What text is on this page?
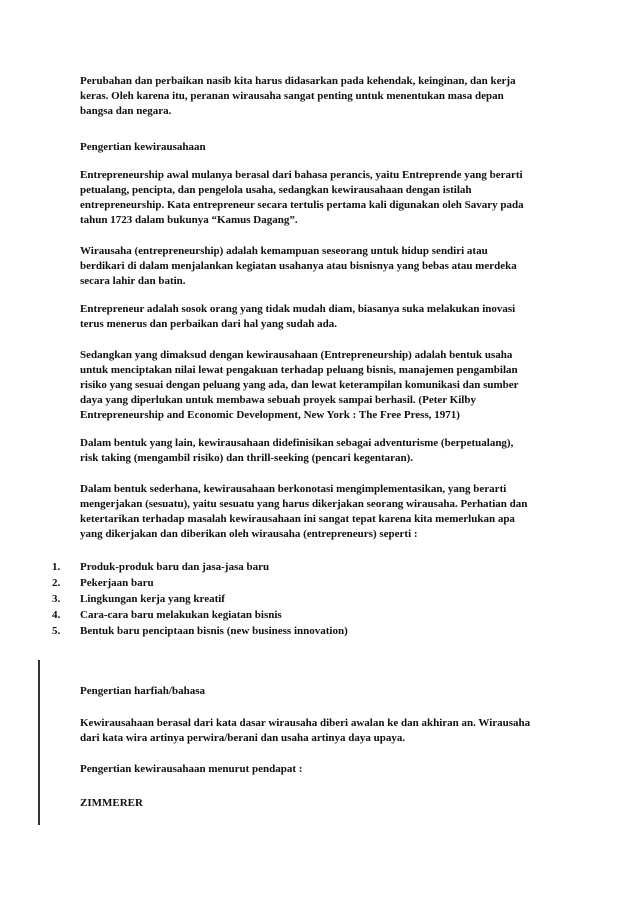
Perubahan dan perbaikan nasib kita harus didasarkan pada kehendak, keinginan, dan kerja
keras. Oleh karena itu, peranan wirausaha sangat penting untuk menentukan masa depan
bangsa dan negara.

Pengertian kewirausahaan

Entrepreneurship awal mulanya berasal dari bahasa perancis, yaitu Entreprende yang berarti
petualang, pencipta, dan pengelola usaha, sedangkan kewirausahaan dengan istilah
entrepreneurship. Kata entrepreneur secara tertulis pertama kali digunakan oleh Savary pada
tahun 1723 dalam bukunya “Kamus Dagang”.

Wirausaha (entrepreneurship) adalah kemampuan seseorang untuk hidup sendiri atau
berdikari di dalam menjalankan kegiatan usahanya atau bisnisnya yang bebas atau merdeka
secara lahir dan batin.

Entrepreneur adalah sosok orang yang tidak mudah diam, biasanya suka melakukan inovasi
terus menerus dan perbaikan dari hal yang sudah ada.

Sedangkan yang dimaksud dengan kewirausahaan (Entrepreneurship) adalah bentuk usaha
untuk menciptakan nilai lewat pengakuan terhadap peluang bisnis, manajemen pengambilan
risiko yang sesuai dengan peluang yang ada, dan lewat keterampilan komunikasi dan sumber
daya yang diperlukan untuk membawa sebuah proyek sampai berhasil. (Peter Kilby
Entrepreneurship and Economic Development, New York : The Free Press, 1971)

Dalam bentuk yang lain, kewirausahaan didefinisikan sebagai adventurisme (berpetualang),
risk taking (mengambil risiko) dan thrill-seeking (pencari kegentaran).

Dalam bentuk sederhana, kewirausahaan berkonotasi mengimplementasikan, yang berarti
mengerjakan (sesuatu), yaitu sesuatu yang harus dikerjakan seorang wirausaha. Perhatian dan
ketertarikan terhadap masalah kewirausahaan ini sangat tepat karena kita memerlukan apa
yang dikerjakan dan diberikan oleh wirausaha (entrepreneurs) seperti :

1.	Produk-produk baru dan jasa-jasa baru
2.	Pekerjaan baru
3.	Lingkungan kerja yang kreatif
4.	Cara-cara baru melakukan kegiatan bisnis
5.	Bentuk baru penciptaan bisnis (new business innovation)

Pengertian harfiah/bahasa

Kewirausahaan berasal dari kata dasar wirausaha diberi awalan ke dan akhiran an. Wirausaha
dari kata wira artinya perwira/berani dan usaha artinya daya upaya.

Pengertian kewirausahaan menurut pendapat :

ZIMMERER
